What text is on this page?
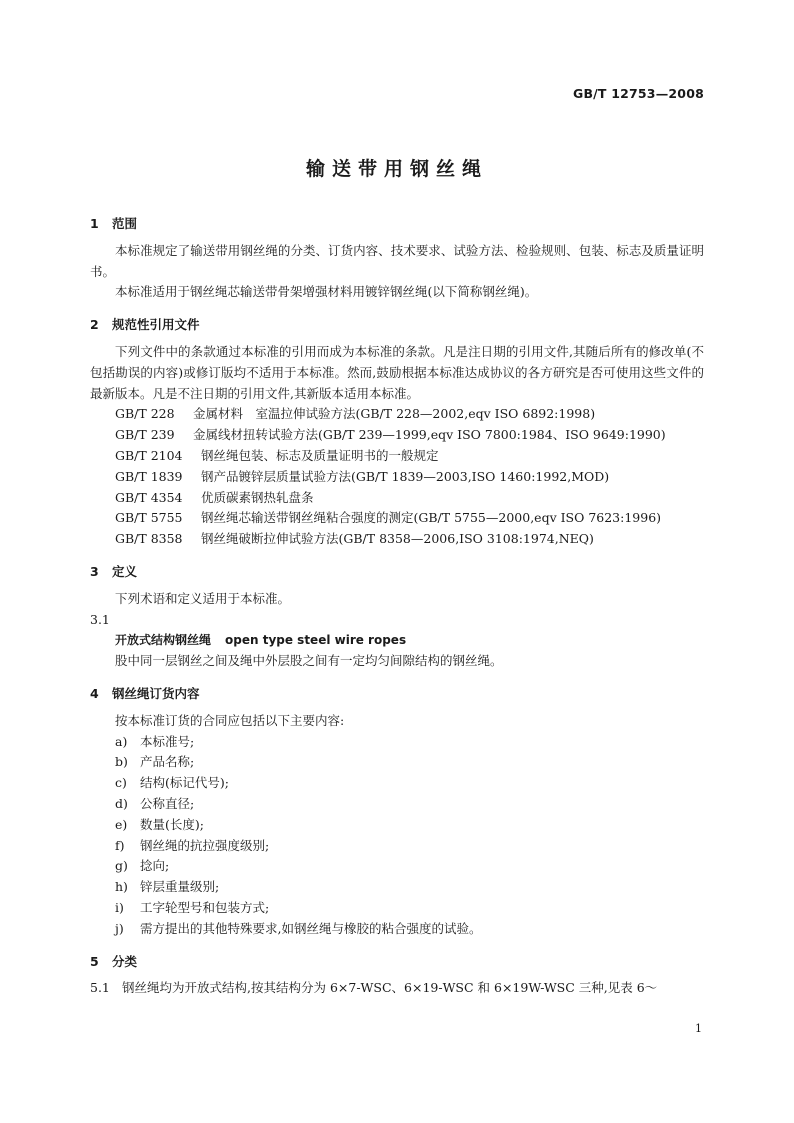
GB/T 12753—2008
输送带用钢丝绳
1 范围

本标准规定了输送带用钢丝绳的分类、订货内容、技术要求、试验方法、检验规则、包装、标志及质量证明书。

本标准适用于钢丝绳芯输送带骨架增强材料用镀锌钢丝绳(以下简称钢丝绳)。

2 规范性引用文件

下列文件中的条款通过本标准的引用而成为本标准的条款。凡是注日期的引用文件,其随后所有的修改单(不包括勘误的内容)或修订版均不适用于本标准。然而,鼓励根据本标准达成协议的各方研究是否可使用这些文件的最新版本。凡是不注日期的引用文件,其新版本适用本标准。

GB/T 228 金属材料　室温拉伸试验方法(GB/T 228—2002,eqv ISO 6892:1998)

GB/T 239 金属线材扭转试验方法(GB/T 239—1999,eqv ISO 7800:1984、ISO 9649:1990)

GB/T 2104 钢丝绳包装、标志及质量证明书的一般规定

GB/T 1839 钢产品镀锌层质量试验方法(GB/T 1839—2003,ISO 1460:1992,MOD)

GB/T 4354 优质碳素钢热轧盘条

GB/T 5755 钢丝绳芯输送带钢丝绳粘合强度的测定(GB/T 5755—2000,eqv ISO 7623:1996)

GB/T 8358 钢丝绳破断拉伸试验方法(GB/T 8358—2006,ISO 3108:1974,NEQ)

3 定义

下列术语和定义适用于本标准。

3.1

开放式结构钢丝绳 open type steel wire ropes

股中同一层钢丝之间及绳中外层股之间有一定均匀间隙结构的钢丝绳。

4 钢丝绳订货内容

按本标准订货的合同应包括以下主要内容:

a) 本标准号;

b) 产品名称;

c) 结构(标记代号);

d) 公称直径;

e) 数量(长度);

f) 钢丝绳的抗拉强度级别;

g) 捻向;

h) 锌层重量级别;

i) 工字轮型号和包装方式;

j) 需方提出的其他特殊要求,如钢丝绳与橡胶的粘合强度的试验。

5 分类

5.1 钢丝绳均为开放式结构,按其结构分为 6×7-WSC、6×19-WSC 和 6×19W-WSC 三种,见表 6～

1
